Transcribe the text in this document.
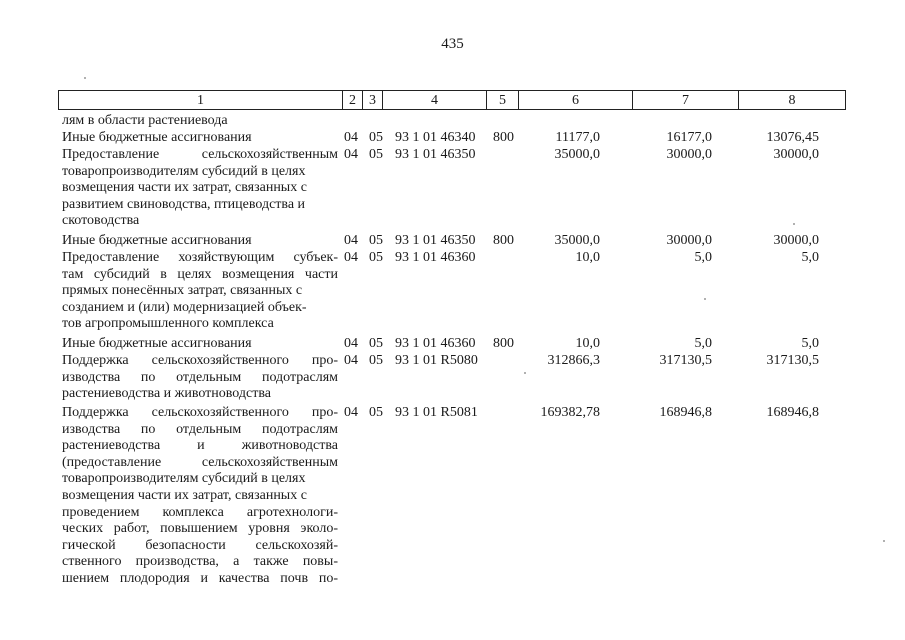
435
1	2 3	4	5	6	7	8
лям в области растениевода
Иные бюджетные ассигнования	04 05 93 1 01 46340 800	11177,0	16177,0	13076,45
Предоставление сельскохозяйственным
товаропроизводителям субсидий в целях
возмещения части их затрат, связанных с
развитием свиноводства, птицеводства и
скотоводства
04 05 93 1 01 46350	35000,0	30000,0	30000,0
Иные бюджетные ассигнования	04 05 93 1 01 46350 800	35000,0	30000,0	30000,0
Предоставление хозяйствующим субъек-
там субсидий в целях возмещения части
прямых понесённых затрат, связанных с
созданием и (или) модернизацией объек-
тов агропромышленного комплекса
04 05 93 1 01 46360	10,0	5,0	5,0
Иные бюджетные ассигнования	04 05 93 1 01 46360 800	10,0	5,0	5,0
Поддержка сельскохозяйственного про-
изводства по отдельным подотраслям
растениеводства и животноводства
04 05 93 1 01 R5080	312866,3	317130,5	317130,5
Поддержка сельскохозяйственного про-
изводства по отдельным подотраслям
растениеводства и животноводства
(предоставление сельскохозяйственным
товаропроизводителям субсидий в целях
возмещения части их затрат, связанных с
проведением комплекса агротехнологи-
ческих работ, повышением уровня эколо-
гической безопасности сельскохозяй-
ственного производства, а также повы-
шением плодородия и качества почв по-
04 05 93 1 01 R5081	169382,78	168946,8	168946,8
